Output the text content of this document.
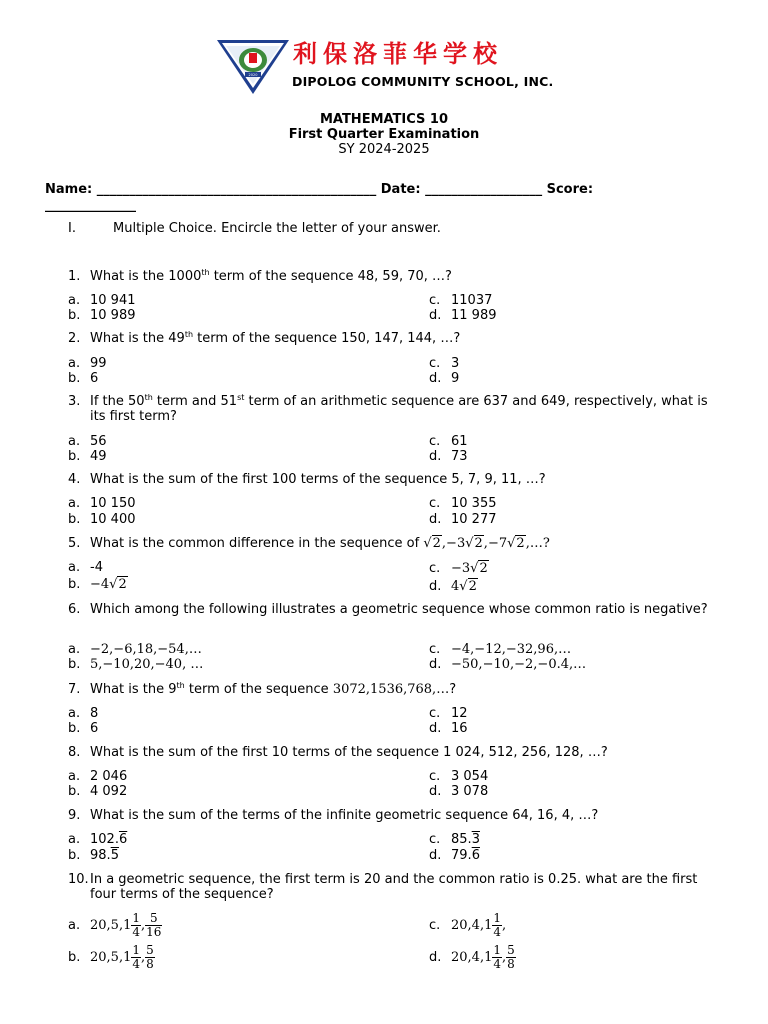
2020
利保洛菲华学校
DIPOLOG COMMUNITY SCHOOL, INC.
MATHEMATICS 10
First Quarter Examination
SY 2024-2025
Name: ___________________________________________ Date: __________________ Score: ______________
I.	Multiple Choice. Encircle the letter of your answer.
1. What is the 1000th term of the sequence 48, 59, 70, …?
a. 10 941
b. 10 989
c. 11037
d. 11 989
2. What is the 49th term of the sequence 150, 147, 144, …?
a. 99
b. 6
c. 3
d. 9
3. If the 50th term and 51st term of an arithmetic sequence are 637 and 649, respectively, what is its first term?
a. 56
b. 49
c. 61
d. 73
4. What is the sum of the first 100 terms of the sequence 5, 7, 9, 11, …?
a. 10 150
b. 10 400
c. 10 355
d. 10 277
5. What is the common difference in the sequence of √2,−3√2,−7√2,…?
a. -4
b. −4√2
c. −3√2
d. 4√2
6. Which among the following illustrates a geometric sequence whose common ratio is negative?
a. −2,−6,18,−54,…
b. 5,−10,20,−40, …
c. −4,−12,−32,96,…
d. −50,−10,−2,−0.4,…
7. What is the 9th term of the sequence 3072,1536,768,…?
a. 8
b. 6
c. 12
d. 16
8. What is the sum of the first 10 terms of the sequence 1 024, 512, 256, 128, …?
a. 2 046
b. 4 092
c. 3 054
d. 3 078
9. What is the sum of the terms of the infinite geometric sequence 64, 16, 4, …?
a. 102.6
b. 98.5
c. 85.3
d. 79.6
10. In a geometric sequence, the first term is 20 and the common ratio is 0.25. what are the first four terms of the sequence?
a. $20,5,1 \frac{1}{4}$ , $\frac{5}{16}$
b. $20,5,1 \frac{1}{4}$ , $\frac{5}{8}$
c. $20,4,1 \frac{1}{4}$ ,
d. $20,4,1 \frac{1}{4}$ , $\frac{5}{8}$
